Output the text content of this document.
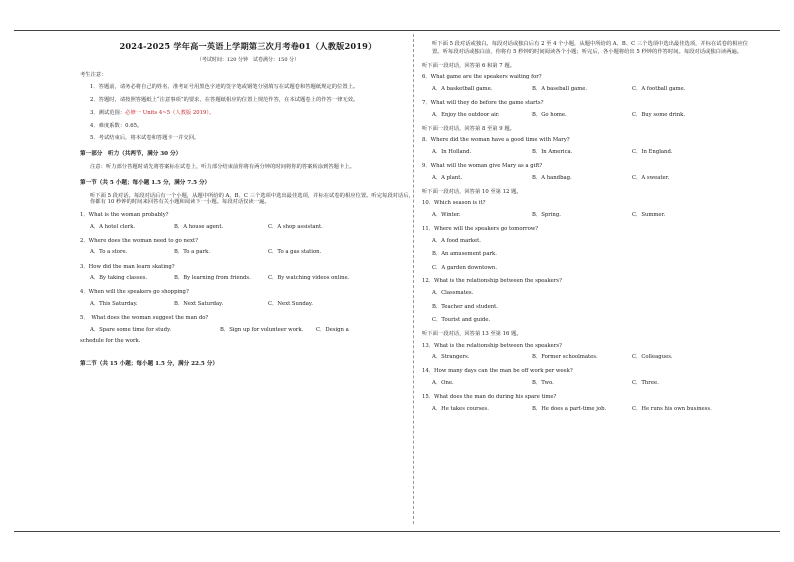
2024-2025 学年高一英语上学期第三次月考卷01（人教版2019）
（考试时间：120 分钟　试卷满分：150 分）
考生注意：
1．答题前，请务必将自己的姓名、准考证号用黑色字迹的签字笔或钢笔分别填写在试题卷和答题纸规定的位置上。
2．答题时，请按照答题纸上“注意事项”的要求，在答题纸相应的位置上规范作答，在本试题卷上的作答一律无效。
3．测试范围：必修一 Units 4~5（人教版 2019）。
4．难度系数：0.65。
5．考试结束后，将本试卷和答题卡一并交回。
第一部分　听力（共两节，满分 30 分）
注意：听力部分答题时请先将答案标在试卷上，听力部分结束前你将有两分钟的时间将你的答案转涂到答题卡上。
第一节（共 5 小题；每小题 1.5 分，满分 7.5 分）
听下面 5 段对话。每段对话后有一个小题，从题中所给的 A、B、C 三个选项中选出最佳选项，并标在试卷的相应位置。听完每段对话后，你都有 10 秒钟的时间来回答有关小题和阅读下一小题。每段对话仅读一遍。
1．What is the woman probably?
A．A hotel clerk.	B．A house agent.	C．A shop assistant.
2．Where does the woman need to go next?
A．To a store.	B．To a park.	C．To a gas station.
3．How did the man learn skating?
A．By taking classes.	B．By learning from friends.	C．By watching videos online.
4．When will the speakers go shopping?
A．This Saturday.	B．Next Saturday.	C．Next Sunday.
5．　What does the woman suggest the man do?
A．Spare some time for study.	B．Sign up for volunteer work.	C．Design a
schedule for the work.
第二节（共 15 小题；每小题 1.5 分，满分 22.5 分）
听下面 5 段对话或独白。每段对话或独白后有 2 至 4 个小题，从题中所给的 A、B、C 三个选项中选出最佳选项，并标在试卷的相应位置。听每段对话或独白前，你将有 5 秒钟的时间阅读各个小题；听完后，各小题将给出 5 秒钟的作答时间。每段对话或独白读两遍。
听下面一段对话，回答第 6 和第 7 题。
6．What game are the speakers waiting for?
A．A basketball game.	B．A baseball game.	C．A football game.
7．What will they do before the game starts?
A．Enjoy the outdoor air.	B．Go home.	C．Buy some drink.
听下面一段对话，回答第 8 至第 9 题。
8．Where did the woman have a good time with Mary?
A．In Holland.	B．In America.	C．In England.
9．What will the woman give Mary as a gift?
A．A plant.	B．A handbag.	C．A sweater.
听下面一段对话，回答第 10 至第 12 题。
10．Which season is it?
A．Winter.	B．Spring.	C．Summer.
11．Where will the speakers go tomorrow?
A．A food market.
B．An amusement park.
C．A garden downtown.
12．What is the relationship between the speakers?
A．Classmates.
B．Teacher and student.
C．Tourist and guide.
听下面一段对话，回答第 13 至第 16 题。
13．What is the relationship between the speakers?
A．Strangers.	B．Former schoolmates.	C．Colleagues.
14．How many days can the man be off work per week?
A．One.	B．Two.	C．Three.
15．What does the man do during his spare time?
A．He takes courses.	B．He does a part-time job.	C．He runs his own business.
